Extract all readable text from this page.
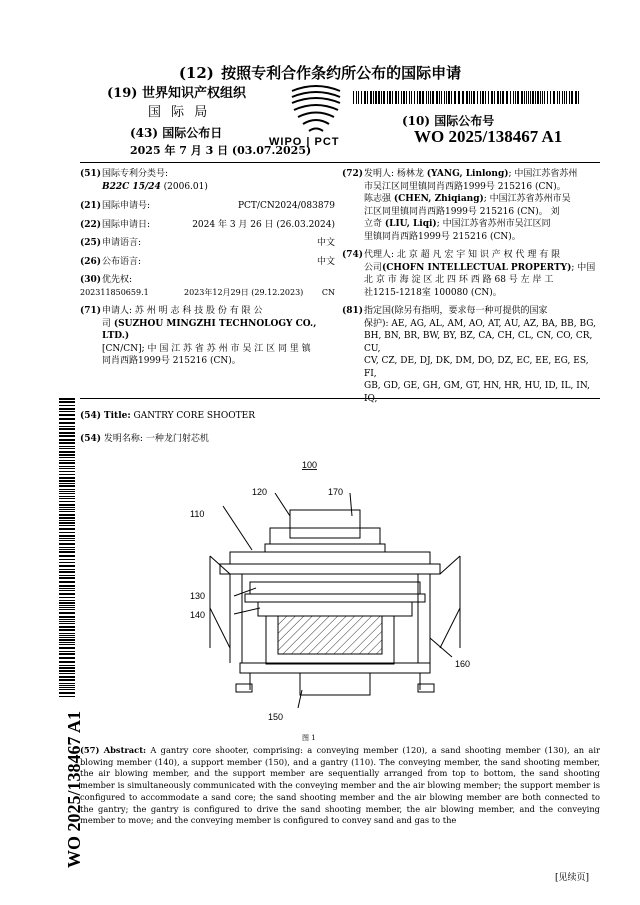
(12) 按照专利合作条约所公布的国际申请
(19) 世界知识产权组织
国 际 局
(43) 国际公布日
2025 年 7 月 3 日 (03.07.2025)
WIPO | PCT
(10) 国际公布号
WO 2025/138467 A1
(51)国际专利分类号:
B22C 15/24 (2006.01)
(21) 国际申请号:	PCT/CN2024/083879
(22) 国际申请日:	2024 年 3 月 26 日 (26.03.2024)
(25) 申请语言:	中文
(26) 公布语言:	中文
(30)优先权:
202311850659.1	2023年12月29日 (29.12.2023)	CN
(71)申请人: 苏 州 明 志 科 技 股 份 有 限 公
司 (SUZHOU MINGZHI TECHNOLOGY CO., LTD.)
[CN/CN]; 中 国 江 苏 省 苏 州 市 吴 江 区 同 里 镇
同肖西路1999号 215216 (CN)。
(72)发明人: 杨林龙 (YANG, Linlong); 中国江苏省苏州
市吴江区同里镇同肖西路1999号 215216 (CN)。
陈志强 (CHEN, Zhiqiang); 中国江苏省苏州市吴
江区同里镇同肖西路1999号 215216 (CN)。 刘
立奇 (LIU, Liqi); 中国江苏省苏州市吴江区同
里镇同肖西路1999号 215216 (CN)。
(74)代理人: 北 京 超 凡 宏 宇 知 识 产 权 代 理 有 限
公司(CHOFN INTELLECTUAL PROPERTY); 中国
北 京 市 海 淀 区 北 四 环 西 路 68 号 左 岸 工
社1215-1218室 100080 (CN)。
(81)指定国(除另有指明，要求每一种可提供的国家
保护): AE, AG, AL, AM, AO, AT, AU, AZ, BA, BB, BG,
BH, BN, BR, BW, BY, BZ, CA, CH, CL, CN, CO, CR, CU,
CV, CZ, DE, DJ, DK, DM, DO, DZ, EC, EE, EG, ES, FI,
GB, GD, GE, GH, GM, GT, HN, HR, HU, ID, IL, IN, IQ,
WO 2025/138467 A1
(54) Title: GANTRY CORE SHOOTER
(54) 发明名称: 一种龙门射芯机
100
120	170
110
130
140
160
150
图 1
(57) Abstract: A gantry core shooter, comprising: a conveying member (120), a sand shooting member (130), an air blowing member (140), a support member (150), and a gantry (110). The conveying member, the sand shooting member, the air blowing member, and the support member are sequentially arranged from top to bottom, the sand shooting member is simultaneously communicated with the conveying member and the air blowing member; the support member is configured to accommodate a sand core; the sand shooting member and the air blowing member are both connected to the gantry; the gantry is configured to drive the sand shooting member, the air blowing member, and the conveying member to move; and the conveying member is configured to convey sand and gas to the
[见续页]
